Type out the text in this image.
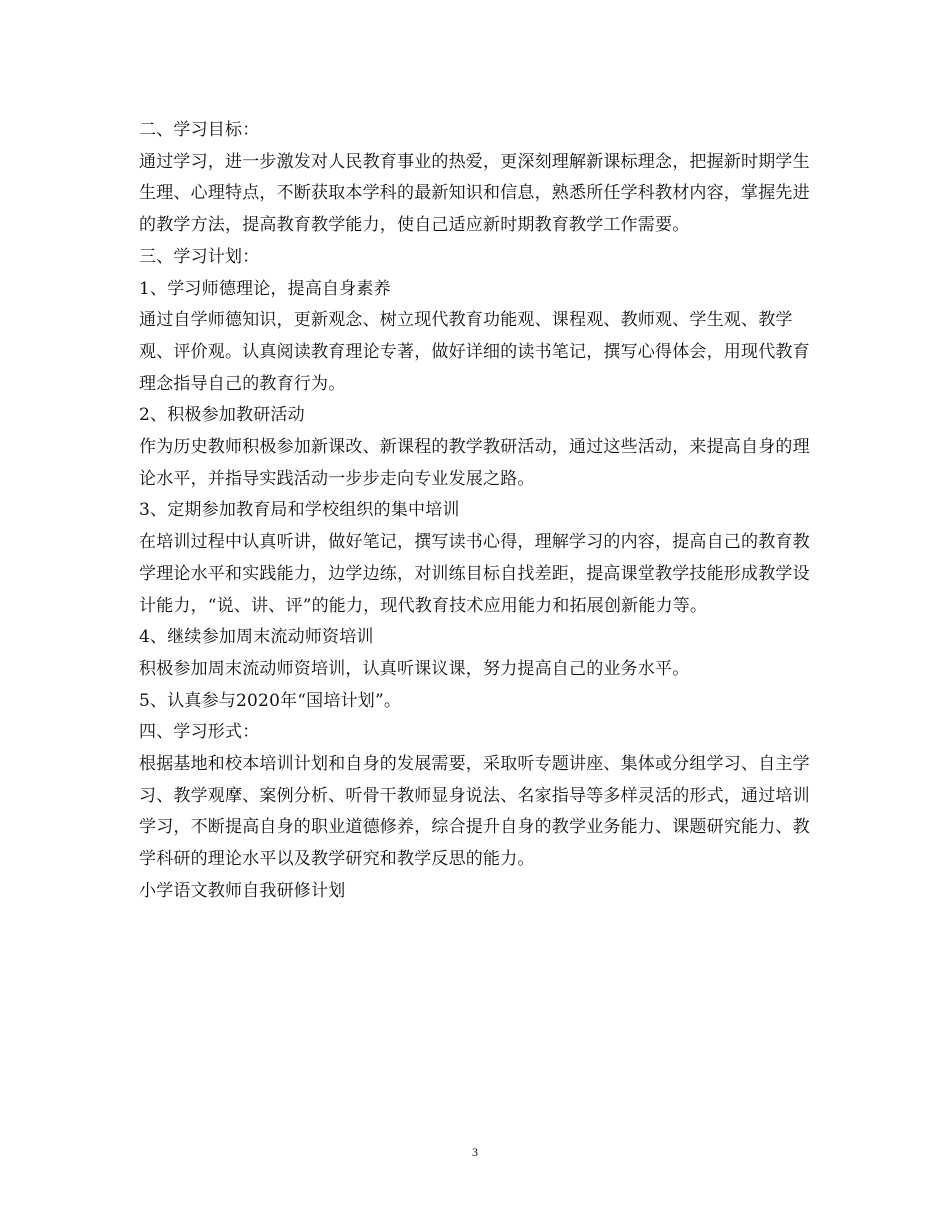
二、学习目标：

通过学习，进一步激发对人民教育事业的热爱，更深刻理解新课标理念，把握新时期学生生理、心理特点，不断获取本学科的最新知识和信息，熟悉所任学科教材内容，掌握先进的教学方法，提高教育教学能力，使自己适应新时期教育教学工作需要。

三、学习计划：

1、学习师德理论，提高自身素养

通过自学师德知识，更新观念、树立现代教育功能观、课程观、教师观、学生观、教学观、评价观。认真阅读教育理论专著，做好详细的读书笔记，撰写心得体会，用现代教育理念指导自己的教育行为。

2、积极参加教研活动

作为历史教师积极参加新课改、新课程的教学教研活动，通过这些活动，来提高自身的理论水平，并指导实践活动一步步走向专业发展之路。

3、定期参加教育局和学校组织的集中培训

在培训过程中认真听讲，做好笔记，撰写读书心得，理解学习的内容，提高自己的教育教学理论水平和实践能力，边学边练，对训练目标自找差距，提高课堂教学技能形成教学设计能力，“说、讲、评”的能力，现代教育技术应用能力和拓展创新能力等。

4、继续参加周末流动师资培训

积极参加周末流动师资培训，认真听课议课，努力提高自己的业务水平。

5、认真参与2020年“国培计划”。

四、学习形式：

根据基地和校本培训计划和自身的发展需要，采取听专题讲座、集体或分组学习、自主学习、教学观摩、案例分析、听骨干教师显身说法、名家指导等多样灵活的形式，通过培训学习，不断提高自身的职业道德修养，综合提升自身的教学业务能力、课题研究能力、教学科研的理论水平以及教学研究和教学反思的能力。

小学语文教师自我研修计划

3
